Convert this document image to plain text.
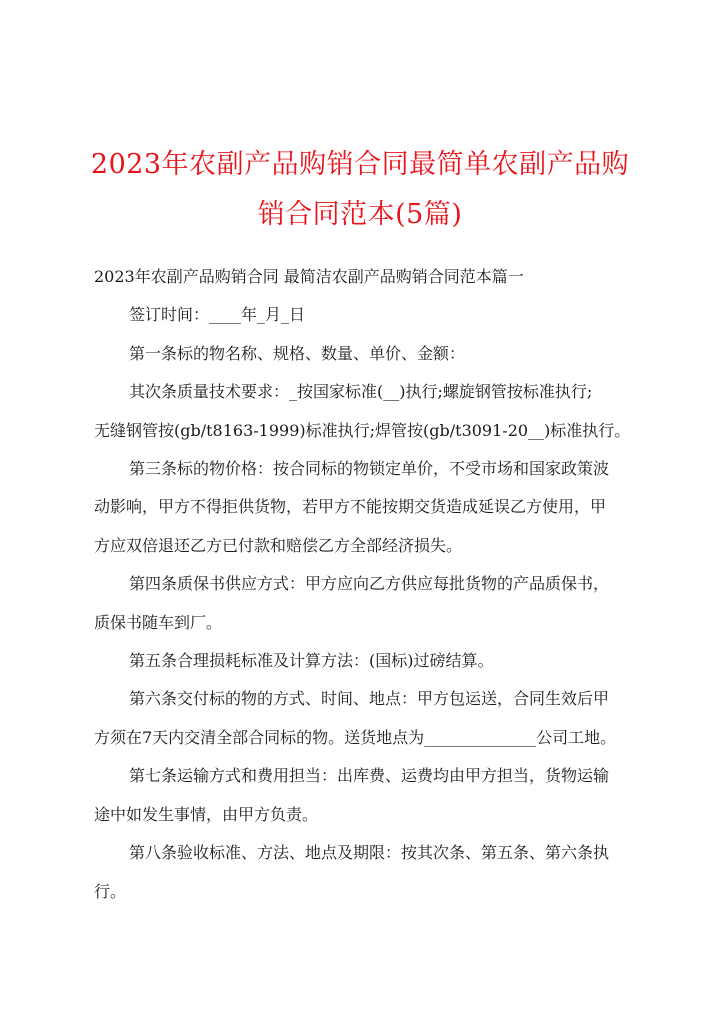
2023年农副产品购销合同最简单农副产品购
销合同范本(5篇)

2023年农副产品购销合同 最简洁农副产品购销合同范本篇一

签订时间：____年_月_日

第一条标的物名称、规格、数量、单价、金额：

其次条质量技术要求：_按国家标准(__)执行;螺旋钢管按标准执行;
无缝钢管按(gb/t8163-1999)标准执行;焊管按(gb/t3091-20__)标准执行。

第三条标的物价格：按合同标的物锁定单价，不受市场和国家政策波
动影响，甲方不得拒供货物，若甲方不能按期交货造成延误乙方使用，甲
方应双倍退还乙方已付款和赔偿乙方全部经济损失。

第四条质保书供应方式：甲方应向乙方供应每批货物的产品质保书，
质保书随车到厂。

第五条合理损耗标准及计算方法：(国标)过磅结算。

第六条交付标的物的方式、时间、地点：甲方包运送，合同生效后甲
方须在7天内交清全部合同标的物。送货地点为______________公司工地。

第七条运输方式和费用担当：出库费、运费均由甲方担当，货物运输
途中如发生事情，由甲方负责。

第八条验收标准、方法、地点及期限：按其次条、第五条、第六条执
行。
